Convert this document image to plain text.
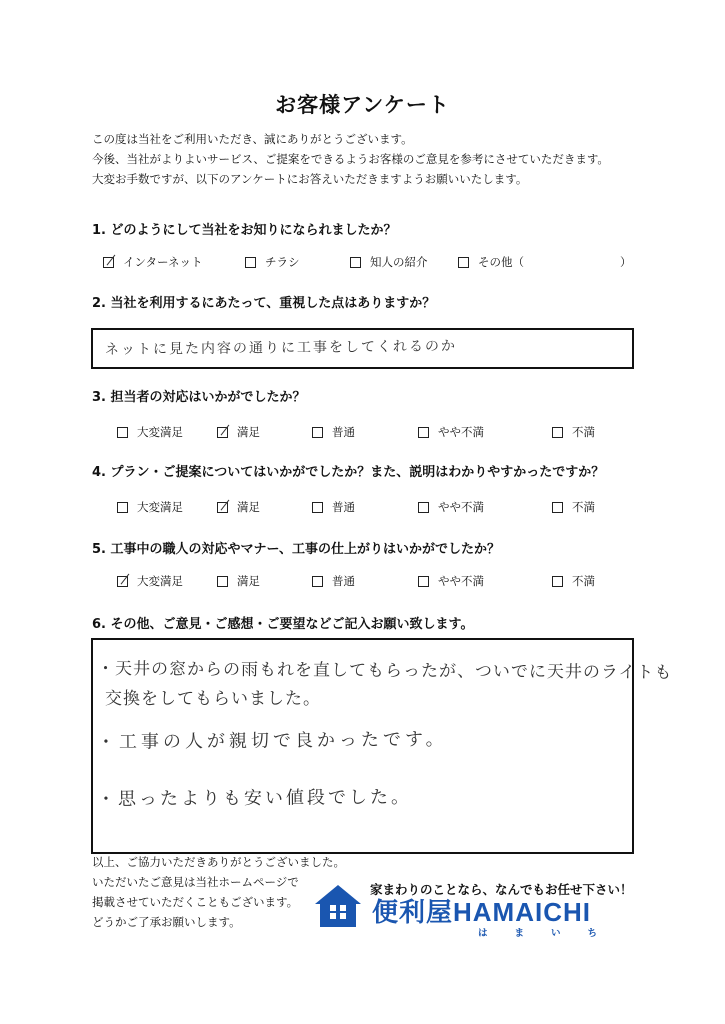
お客様アンケート
この度は当社をご利用いただき、誠にありがとうございます。
今後、当社がよりよいサービス、ご提案をできるようお客様のご意見を参考にさせていただきます。
大変お手数ですが、以下のアンケートにお答えいただきますようお願いいたします。
1. どのようにして当社をお知りになられましたか？
インターネット	チラシ	知人の紹介	その他（	）
2. 当社を利用するにあたって、重視した点はありますか？
ネットに見た内容の通りに工事をしてくれるのか
3. 担当者の対応はいかがでしたか？
大変満足	満足	普通	やや不満	不満
4. プラン・ご提案についてはいかがでしたか？また、説明はわかりやすかったですか？
大変満足	満足	普通	やや不満	不満
5. 工事中の職人の対応やマナー、工事の仕上がりはいかがでしたか？
大変満足	満足	普通	やや不満	不満
6. その他、ご意見・ご感想・ご要望などご記入お願い致します。
・天井の窓からの雨もれを直してもらったが、ついでに天井のライトも
交換をしてもらいました。
・工事の人が親切で良かったです。
・思ったよりも安い値段でした。
以上、ご協力いただきありがとうございました。
いただいたご意見は当社ホームページで
掲載させていただくこともございます。
どうかご了承お願いします。
家まわりのことなら、なんでもお任せ下さい！
便利屋HAMAICHI
はまいち
